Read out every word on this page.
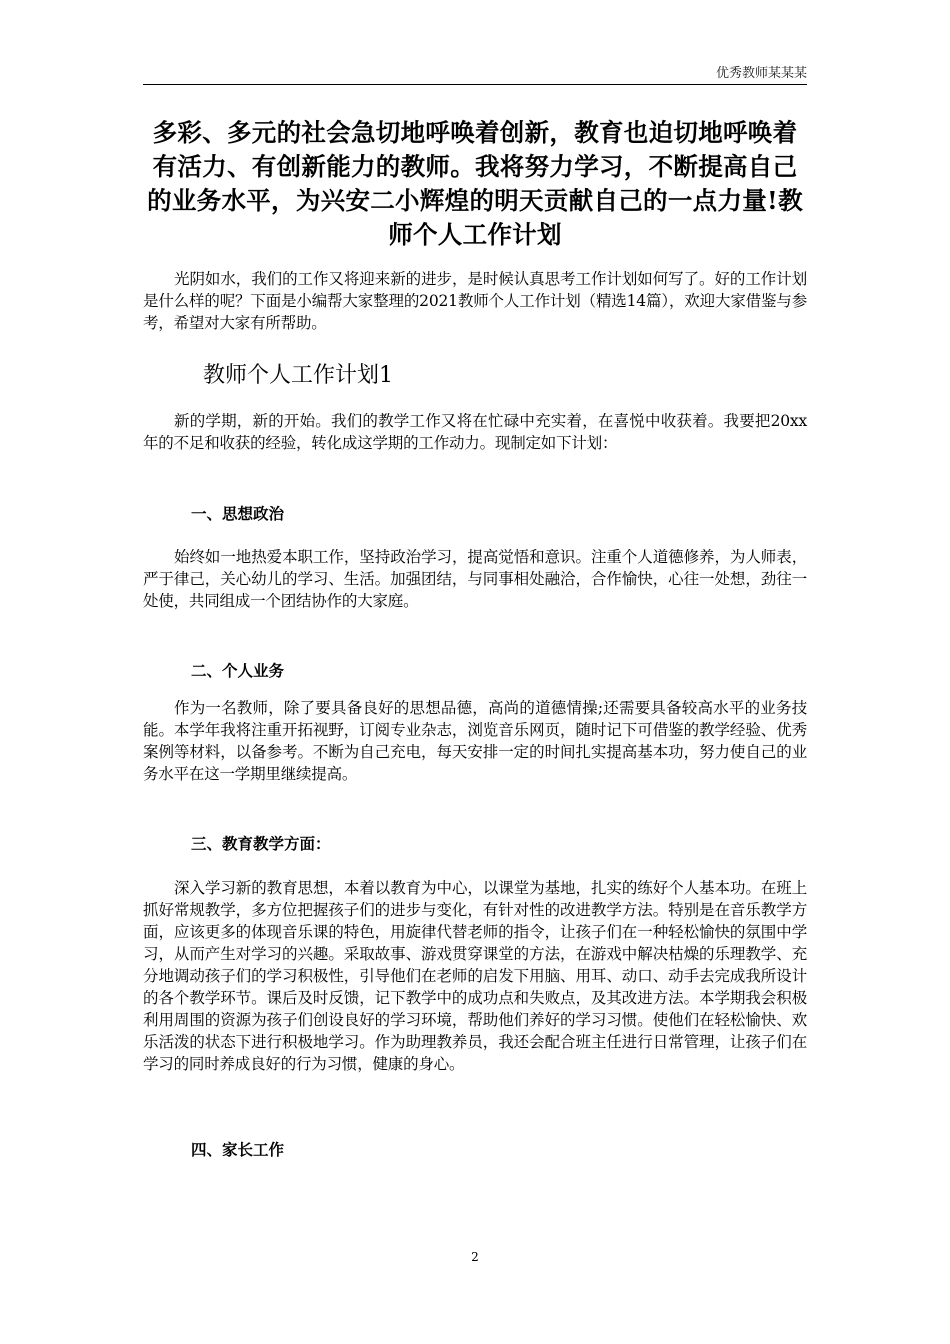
优秀教师某某某
多彩、多元的社会急切地呼唤着创新，教育也迫切地呼唤着有活力、有创新能力的教师。我将努力学习，不断提高自己的业务水平，为兴安二小辉煌的明天贡献自己的一点力量!教师个人工作计划
光阴如水，我们的工作又将迎来新的进步，是时候认真思考工作计划如何写了。好的工作计划是什么样的呢？下面是小编帮大家整理的2021教师个人工作计划（精选14篇），欢迎大家借鉴与参考，希望对大家有所帮助。
教师个人工作计划1
新的学期，新的开始。我们的教学工作又将在忙碌中充实着，在喜悦中收获着。我要把20xx年的不足和收获的经验，转化成这学期的工作动力。现制定如下计划：
一、思想政治
始终如一地热爱本职工作，坚持政治学习，提高觉悟和意识。注重个人道德修养，为人师表，严于律己，关心幼儿的学习、生活。加强团结，与同事相处融洽，合作愉快，心往一处想，劲往一处使，共同组成一个团结协作的大家庭。
二、个人业务
作为一名教师，除了要具备良好的思想品德，高尚的道德情操;还需要具备较高水平的业务技能。本学年我将注重开拓视野，订阅专业杂志，浏览音乐网页，随时记下可借鉴的教学经验、优秀案例等材料，以备参考。不断为自己充电，每天安排一定的时间扎实提高基本功，努力使自己的业务水平在这一学期里继续提高。
三、教育教学方面：
深入学习新的教育思想，本着以教育为中心，以课堂为基地，扎实的练好个人基本功。在班上抓好常规教学，多方位把握孩子们的进步与变化，有针对性的改进教学方法。特别是在音乐教学方面，应该更多的体现音乐课的特色，用旋律代替老师的指令，让孩子们在一种轻松愉快的氛围中学习，从而产生对学习的兴趣。采取故事、游戏贯穿课堂的方法，在游戏中解决枯燥的乐理教学、充分地调动孩子们的学习积极性，引导他们在老师的启发下用脑、用耳、动口、动手去完成我所设计的各个教学环节。课后及时反馈，记下教学中的成功点和失败点，及其改进方法。本学期我会积极利用周围的资源为孩子们创设良好的学习环境，帮助他们养好的学习习惯。使他们在轻松愉快、欢乐活泼的状态下进行积极地学习。作为助理教养员，我还会配合班主任进行日常管理，让孩子们在学习的同时养成良好的行为习惯，健康的身心。
四、家长工作
2
